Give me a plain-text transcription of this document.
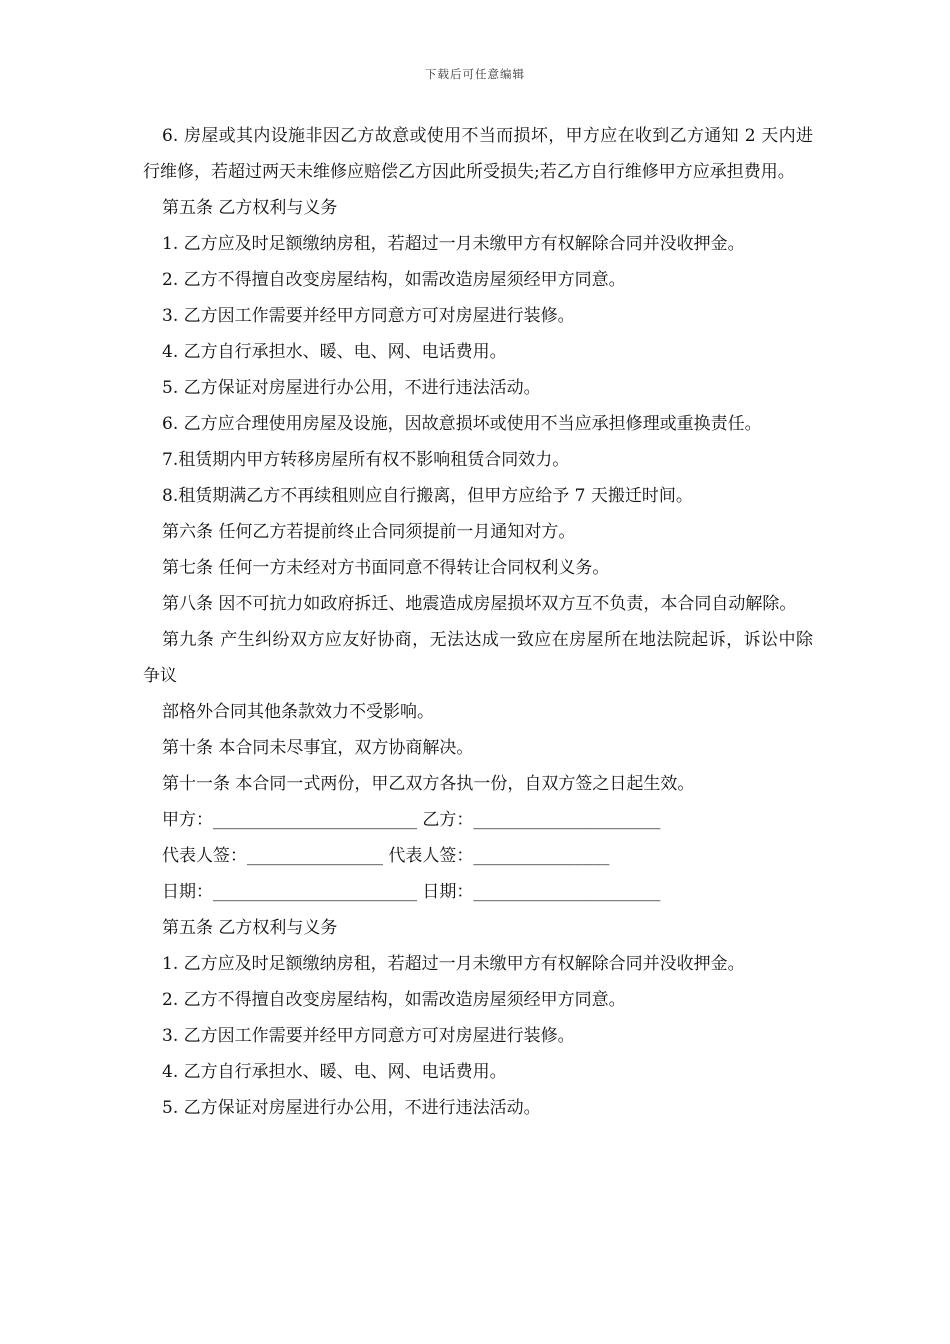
下载后可任意编辑

6. 房屋或其内设施非因乙方故意或使用不当而损坏，甲方应在收到乙方通知 2 天内进行维修，若超过两天未维修应赔偿乙方因此所受损失;若乙方自行维修甲方应承担费用。

第五条 乙方权利与义务

1. 乙方应及时足额缴纳房租，若超过一月未缴甲方有权解除合同并没收押金。

2. 乙方不得擅自改变房屋结构，如需改造房屋须经甲方同意。

3. 乙方因工作需要并经甲方同意方可对房屋进行装修。

4. 乙方自行承担水、暖、电、网、电话费用。

5. 乙方保证对房屋进行办公用，不进行违法活动。

6. 乙方应合理使用房屋及设施，因故意损坏或使用不当应承担修理或重换责任。

7.租赁期内甲方转移房屋所有权不影响租赁合同效力。

8.租赁期满乙方不再续租则应自行搬离，但甲方应给予 7 天搬迁时间。

第六条 任何乙方若提前终止合同须提前一月通知对方。

第七条 任何一方未经对方书面同意不得转让合同权利义务。

第八条 因不可抗力如政府拆迁、地震造成房屋损坏双方互不负责，本合同自动解除。

第九条 产生纠纷双方应友好协商，无法达成一致应在房屋所在地法院起诉，诉讼中除争议

部格外合同其他条款效力不受影响。

第十条 本合同未尽事宜，双方协商解决。

第十一条 本合同一式两份，甲乙双方各执一份，自双方签之日起生效。

甲方：________________________ 乙方：______________________

代表人签：________________ 代表人签：________________

日期：________________________ 日期：______________________

第五条 乙方权利与义务

1. 乙方应及时足额缴纳房租，若超过一月未缴甲方有权解除合同并没收押金。

2. 乙方不得擅自改变房屋结构，如需改造房屋须经甲方同意。

3. 乙方因工作需要并经甲方同意方可对房屋进行装修。

4. 乙方自行承担水、暖、电、网、电话费用。

5. 乙方保证对房屋进行办公用，不进行违法活动。
